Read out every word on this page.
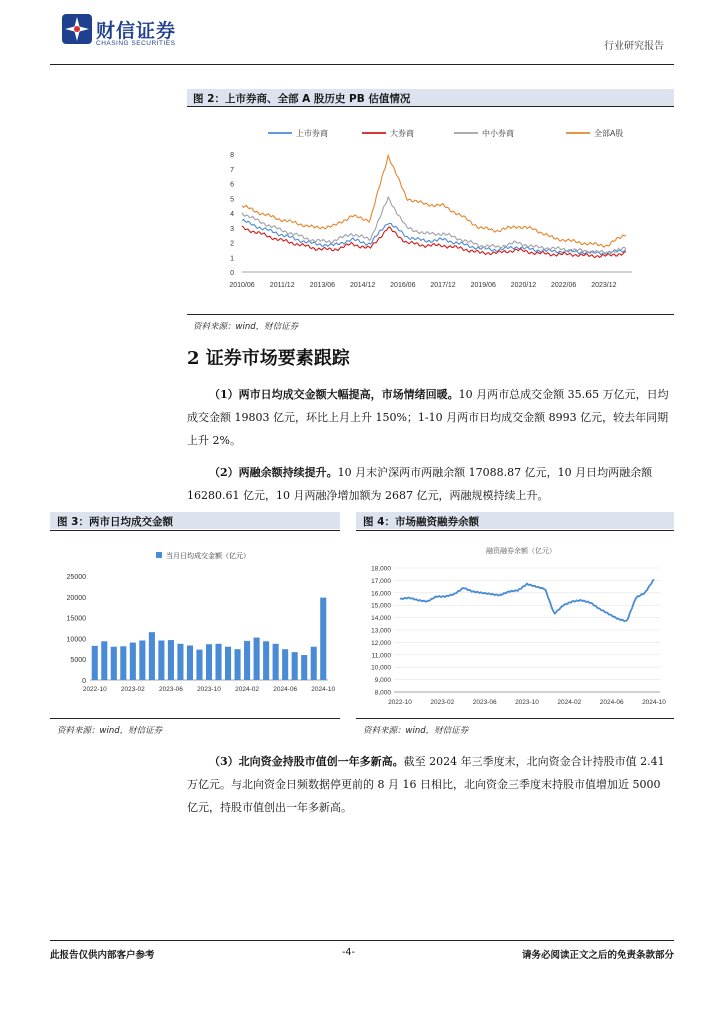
财信证券
CHASING SECURITIES	行业研究报告
图 2：上市券商、全部 A 股历史 PB 估值情况
上市券商	大券商	中小券商	全部A股
0
1
2
3
4
5
6
7
8
2010/06 2011/12 2013/06 2014/12 2016/06 2017/12 2019/06 2020/12 2022/06 2023/12
资料来源：wind，财信证券
2 证券市场要素跟踪
（1）两市日均成交金额大幅提高，市场情绪回暖。10 月两市总成交金额 35.65 万亿元，日均成交金额 19803 亿元，环比上月上升 150%；1-10 月两市日均成交金额 8993 亿元，较去年同期上升 2%。
（2）两融余额持续提升。10 月末沪深两市两融余额 17088.87 亿元，10 月日均两融余额 16280.61 亿元，10 月两融净增加额为 2687 亿元，两融规模持续上升。
图 3：两市日均成交金额
当月日均成交金额（亿元）
0
5000
10000
15000
20000
25000
2022-10 2023-02 2023-06 2023-10 2024-02 2024-06 2024-10
资料来源：wind，财信证券
图 4：市场融资融券余额
融资融券余额（亿元）
8,000
9,000
10,000
11,000
12,000
13,000
14,000
15,000
16,000
17,000
18,000
2022-10	2023-02	2023-06	2023-10	2024-02	2024-06	2024-10
资料来源：wind，财信证券
（3）北向资金持股市值创一年多新高。截至 2024 年三季度末，北向资金合计持股市值 2.41 万亿元。与北向资金日频数据停更前的 8 月 16 日相比，北向资金三季度末持股市值增加近 5000 亿元，持股市值创出一年多新高。
此报告仅供内部客户参考	-4-	请务必阅读正文之后的免责条款部分
